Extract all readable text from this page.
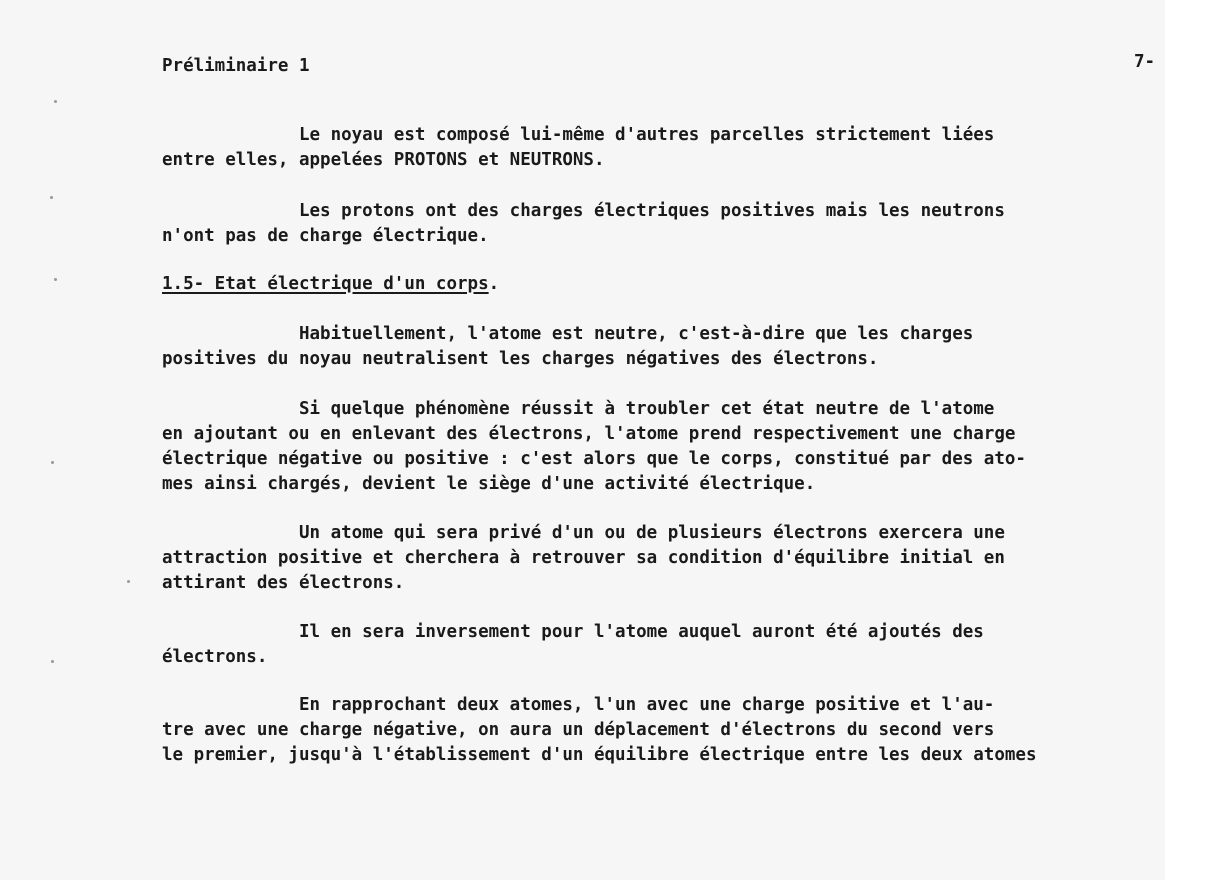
Préliminaire 1	7-
Le noyau est composé lui-même d'autres parcelles strictement liées
entre elles, appelées PROTONS et NEUTRONS.
Les protons ont des charges électriques positives mais les neutrons
n'ont pas de charge électrique.
1.5- Etat électrique d'un corps.
Habituellement, l'atome est neutre, c'est-à-dire que les charges
positives du noyau neutralisent les charges négatives des électrons.
Si quelque phénomène réussit à troubler cet état neutre de l'atome
en ajoutant ou en enlevant des électrons, l'atome prend respectivement une charge
électrique négative ou positive : c'est alors que le corps, constitué par des ato-
mes ainsi chargés, devient le siège d'une activité électrique.
Un atome qui sera privé d'un ou de plusieurs électrons exercera une
attraction positive et cherchera à retrouver sa condition d'équilibre initial en
attirant des électrons.
Il en sera inversement pour l'atome auquel auront été ajoutés des
électrons.
En rapprochant deux atomes, l'un avec une charge positive et l'au-
tre avec une charge négative, on aura un déplacement d'électrons du second vers
le premier, jusqu'à l'établissement d'un équilibre électrique entre les deux atomes
